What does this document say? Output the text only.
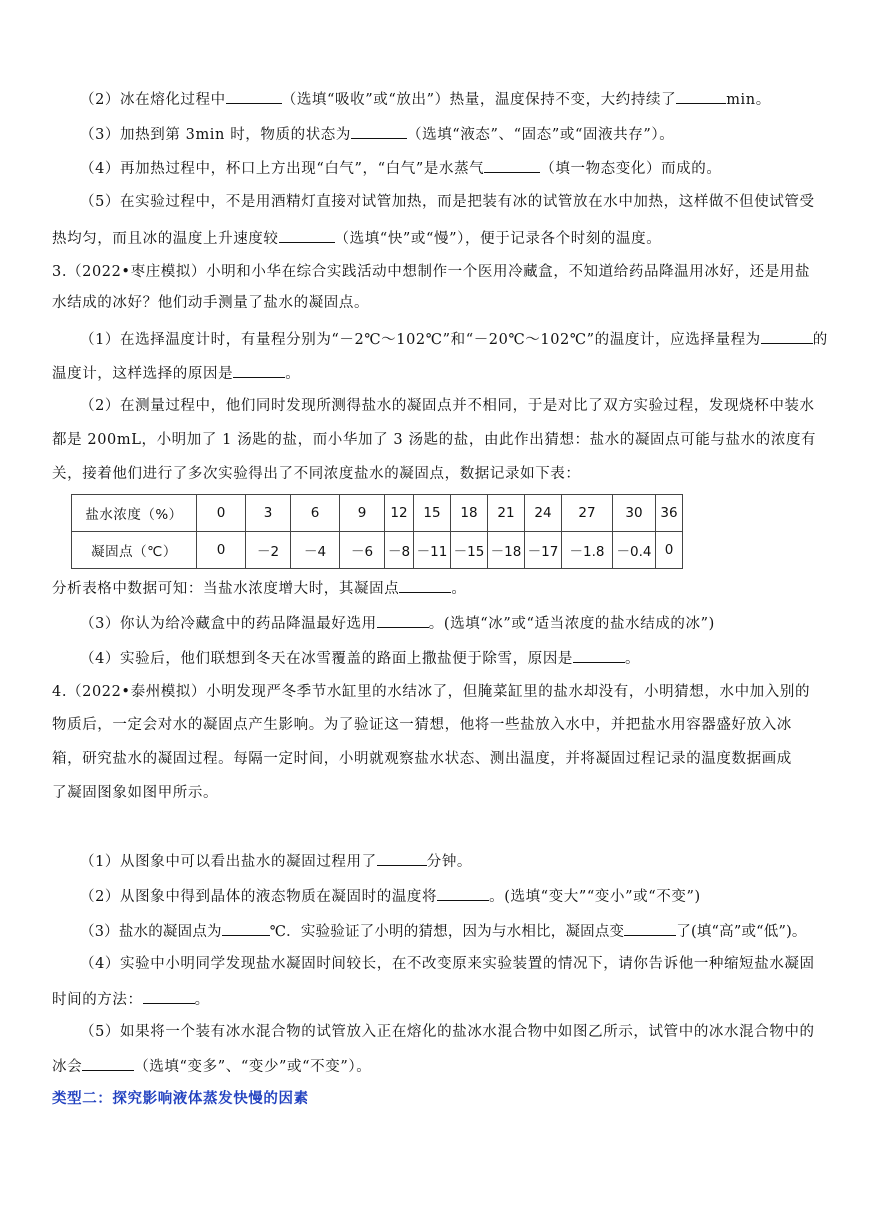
（2）冰在熔化过程中	（选填“吸收”或“放出”）热量，温度保持不变，大约持续了	min。
（3）加热到第 3min 时，物质的状态为	（选填“液态”、“固态”或“固液共存”）。
（4）再加热过程中，杯口上方出现“白气”，“白气”是水蒸气	（填一物态变化）而成的。
（5）在实验过程中，不是用酒精灯直接对试管加热，而是把装有冰的试管放在水中加热，这样做不但使试管受
热均匀，而且冰的温度上升速度较	（选填“快”或“慢”），便于记录各个时刻的温度。
3.（2022•枣庄模拟）小明和小华在综合实践活动中想制作一个医用冷藏盒，不知道给药品降温用冰好，还是用盐
水结成的冰好？他们动手测量了盐水的凝固点。
（1）在选择温度计时，有量程分别为“－2℃～102℃”和“－20℃～102℃”的温度计，应选择量程为	的
温度计，这样选择的原因是	。
（2）在测量过程中，他们同时发现所测得盐水的凝固点并不相同，于是对比了双方实验过程，发现烧杯中装水
都是 200mL，小明加了 1 汤匙的盐，而小华加了 3 汤匙的盐，由此作出猜想：盐水的凝固点可能与盐水的浓度有
关，接着他们进行了多次实验得出了不同浓度盐水的凝固点，数据记录如下表：
盐水浓度（%）	0	3	6	9	12	15	18	21	24	27	30	36
凝固点（℃）	0	－2	－4	－6	－8	－11	－15	－18	－17	－1.8	－0.4	0
分析表格中数据可知：当盐水浓度增大时，其凝固点	。
（3）你认为给冷藏盒中的药品降温最好选用	。(选填“冰”或“适当浓度的盐水结成的冰”)
（4）实验后，他们联想到冬天在冰雪覆盖的路面上撒盐便于除雪，原因是	。
4.（2022•泰州模拟）小明发现严冬季节水缸里的水结冰了，但腌菜缸里的盐水却没有，小明猜想，水中加入别的
物质后，一定会对水的凝固点产生影响。为了验证这一猜想，他将一些盐放入水中，并把盐水用容器盛好放入冰
箱，研究盐水的凝固过程。每隔一定时间，小明就观察盐水状态、测出温度，并将凝固过程记录的温度数据画成
了凝固图象如图甲所示。
（1）从图象中可以看出盐水的凝固过程用了	分钟。
（2）从图象中得到晶体的液态物质在凝固时的温度将	。(选填“变大”“变小”或“不变”)
（3）盐水的凝固点为	℃．实验验证了小明的猜想，因为与水相比，凝固点变	了(填“高”或“低”)。
（4）实验中小明同学发现盐水凝固时间较长，在不改变原来实验装置的情况下，请你告诉他一种缩短盐水凝固
时间的方法：	。
（5）如果将一个装有冰水混合物的试管放入正在熔化的盐冰水混合物中如图乙所示，试管中的冰水混合物中的
冰会	（选填“变多”、“变少”或“不变”）。
类型二：探究影响液体蒸发快慢的因素
